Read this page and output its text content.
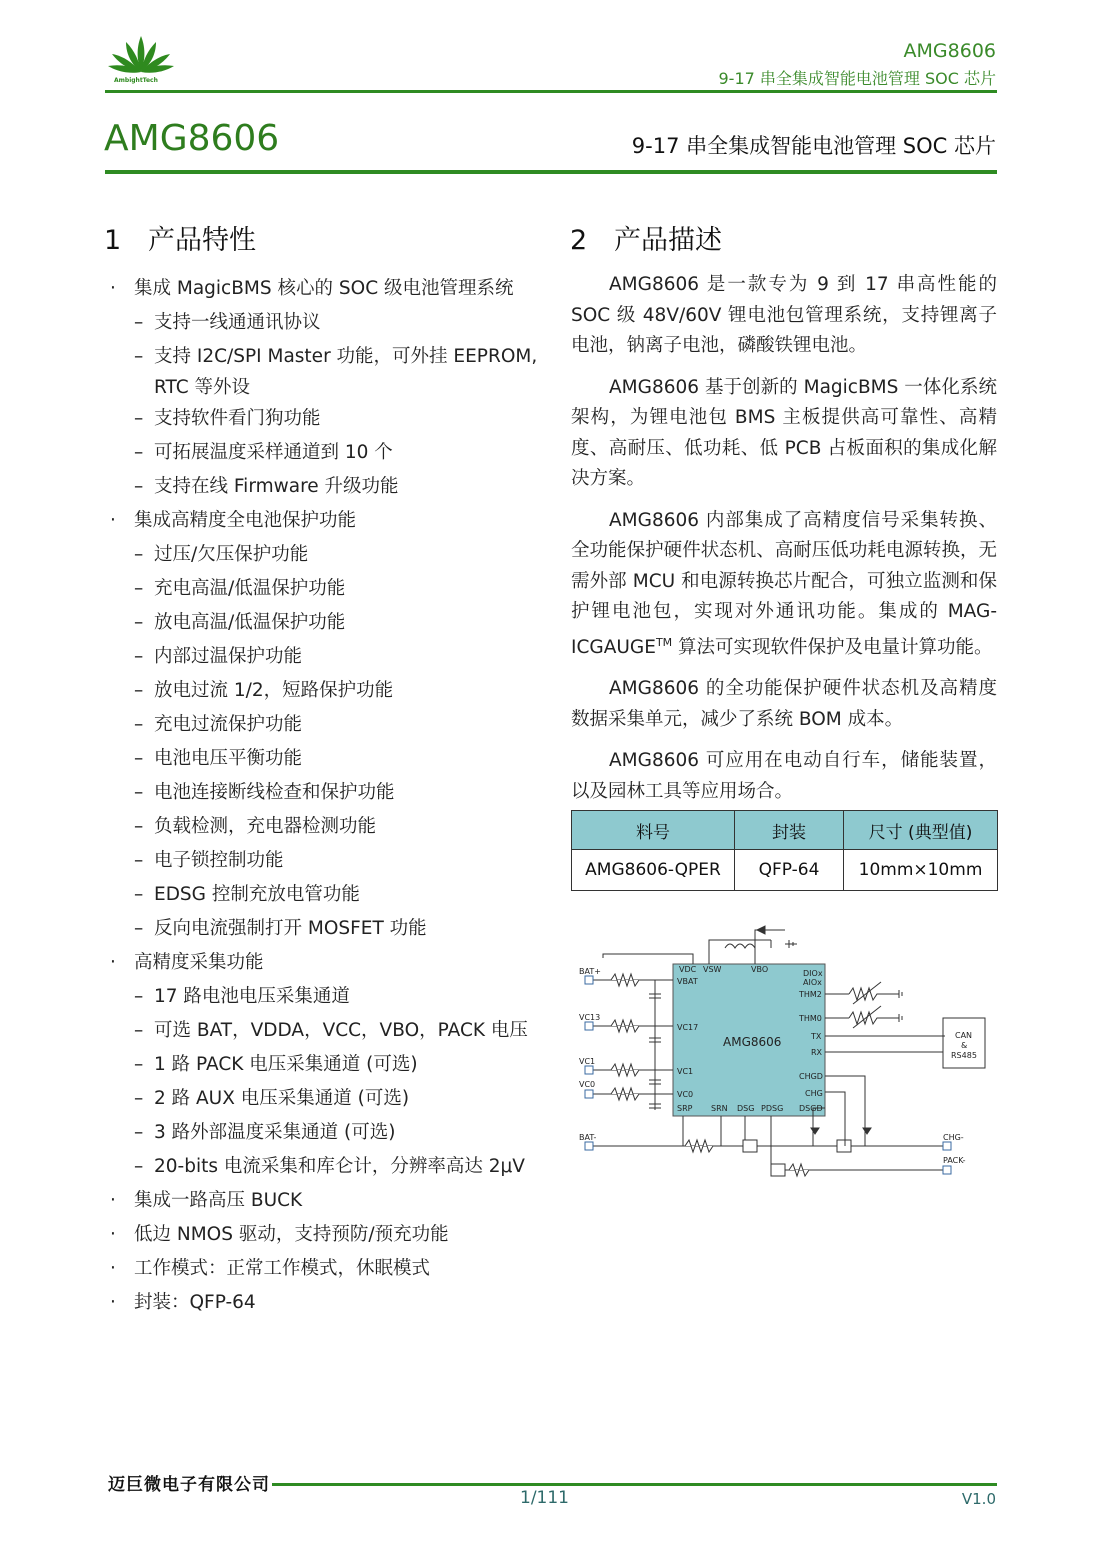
AmbightTech
AMG8606
9-17 串全集成智能电池管理 SOC 芯片
AMG8606	9-17 串全集成智能电池管理 SOC 芯片
1 产品特性
· 集成 MagicBMS 核心的 SOC 级电池管理系统
– 支持一线通通讯协议
– 支持 I2C/SPI Master 功能，可外挂 EEPROM,
RTC 等外设
– 支持软件看门狗功能
– 可拓展温度采样通道到 10 个
– 支持在线 Firmware 升级功能
· 集成高精度全电池保护功能
– 过压/欠压保护功能
– 充电高温/低温保护功能
– 放电高温/低温保护功能
– 内部过温保护功能
– 放电过流 1/2，短路保护功能
– 充电过流保护功能
– 电池电压平衡功能
– 电池连接断线检查和保护功能
– 负载检测，充电器检测功能
– 电子锁控制功能
– EDSG 控制充放电管功能
– 反向电流强制打开 MOSFET 功能
· 高精度采集功能
– 17 路电池电压采集通道
– 可选 BAT，VDDA，VCC，VBO，PACK 电压
– 1 路 PACK 电压采集通道 (可选)
– 2 路 AUX 电压采集通道 (可选)
– 3 路外部温度采集通道 (可选)
– 20-bits 电流采集和库仑计，分辨率高达 2μV
· 集成一路高压 BUCK
· 低边 NMOS 驱动，支持预防/预充功能
· 工作模式：正常工作模式，休眠模式
· 封装：QFP-64
2 产品描述

AMG8606 是一款专为 9 到 17 串高性能的 SOC 级 48V/60V 锂电池包管理系统，支持锂离子电池，钠离子电池，磷酸铁锂电池。

AMG8606 基于创新的 MagicBMS 一体化系统架构，为锂电池包 BMS 主板提供高可靠性、高精度、高耐压、低功耗、低 PCB 占板面积的集成化解决方案。

AMG8606 内部集成了高精度信号采集转换、全功能保护硬件状态机、高耐压低功耗电源转换，无需外部 MCU 和电源转换芯片配合，可独立监测和保护锂电池包，实现对外通讯功能。集成的 MAG-ICGAUGE™ 算法可实现软件保护及电量计算功能。

AMG8606 的全功能保护硬件状态机及高精度数据采集单元，减少了系统 BOM 成本。

AMG8606 可应用在电动自行车，储能装置，以及园林工具等应用场合。

料号	封装	尺寸 (典型值)
AMG8606-QPER	QFP-64	10mm×10mm
VDC VSW	VBO
VBAT
VC17
VC1
VC0
SRP SRN DSG PDSG
DIOx
AIOx
THM2
THM0
TX
RX
CHGD
CHG
DSGD
BAT+
VC13
VC1
VC0
BAT-	CHG-
PACK-
CAN
&
RS485
AMG8606
迈巨微电子有限公司
1/111	V1.0
